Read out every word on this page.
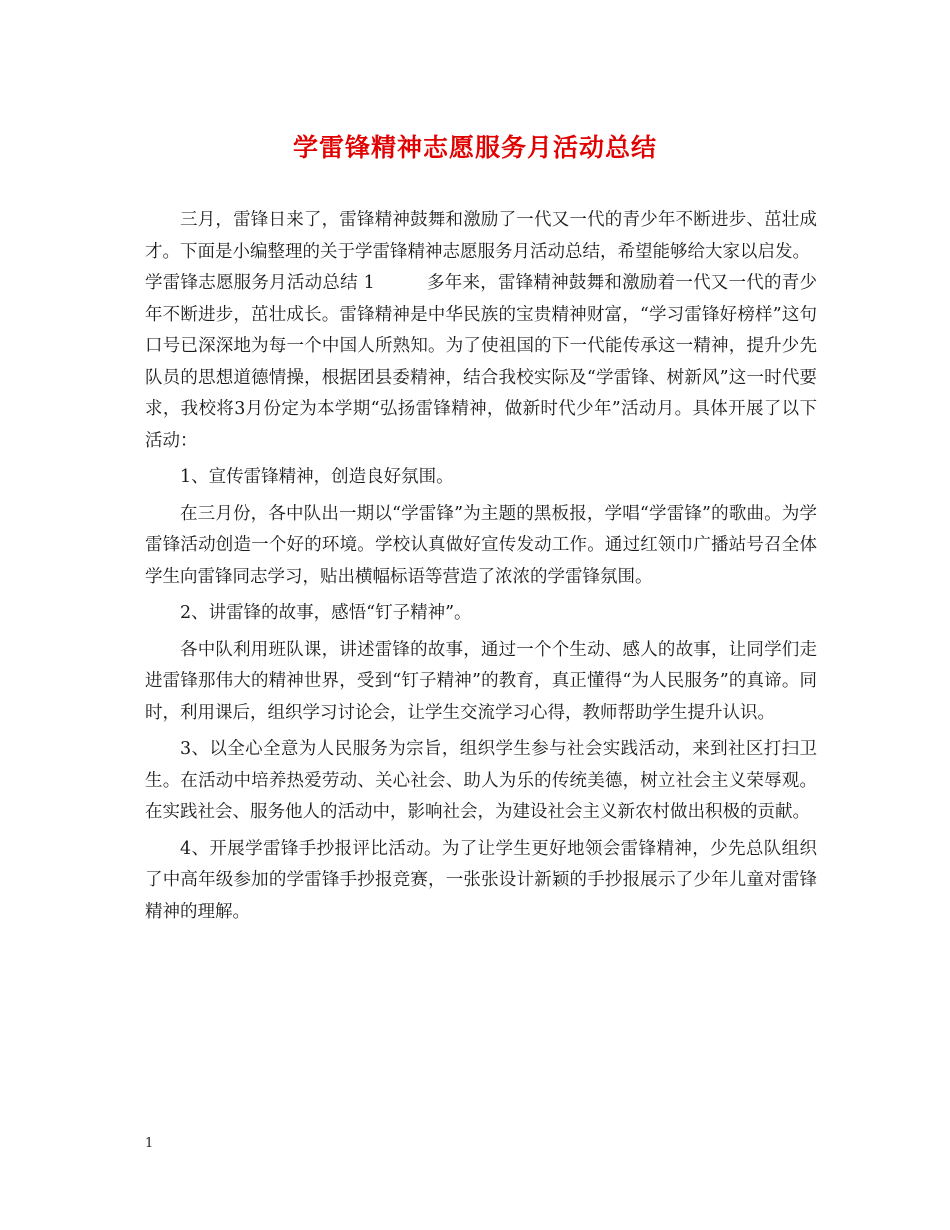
学雷锋精神志愿服务月活动总结

三月，雷锋日来了，雷锋精神鼓舞和激励了一代又一代的青少年不断进步、茁壮成才。下面是小编整理的关于学雷锋精神志愿服务月活动总结，希望能够给大家以启发。

学雷锋志愿服务月活动总结 1	多年来，雷锋精神鼓舞和激励着一代又一代的青少年不断进步，茁壮成长。雷锋精神是中华民族的宝贵精神财富，“学习雷锋好榜样”这句口号已深深地为每一个中国人所熟知。为了使祖国的下一代能传承这一精神，提升少先队员的思想道德情操，根据团县委精神，结合我校实际及“学雷锋、树新风”这一时代要求，我校将3月份定为本学期“弘扬雷锋精神，做新时代少年”活动月。具体开展了以下活动：

1、宣传雷锋精神，创造良好氛围。

在三月份，各中队出一期以“学雷锋”为主题的黑板报，学唱“学雷锋”的歌曲。为学雷锋活动创造一个好的环境。学校认真做好宣传发动工作。通过红领巾广播站号召全体学生向雷锋同志学习，贴出横幅标语等营造了浓浓的学雷锋氛围。

2、讲雷锋的故事，感悟“钉子精神”。

各中队利用班队课，讲述雷锋的故事，通过一个个生动、感人的故事，让同学们走进雷锋那伟大的精神世界，受到“钉子精神”的教育，真正懂得“为人民服务”的真谛。同时，利用课后，组织学习讨论会，让学生交流学习心得，教师帮助学生提升认识。

3、以全心全意为人民服务为宗旨，组织学生参与社会实践活动，来到社区打扫卫生。在活动中培养热爱劳动、关心社会、助人为乐的传统美德，树立社会主义荣辱观。在实践社会、服务他人的活动中，影响社会，为建设社会主义新农村做出积极的贡献。

4、开展学雷锋手抄报评比活动。为了让学生更好地领会雷锋精神，少先总队组织了中高年级参加的学雷锋手抄报竞赛，一张张设计新颖的手抄报展示了少年儿童对雷锋精神的理解。

1
